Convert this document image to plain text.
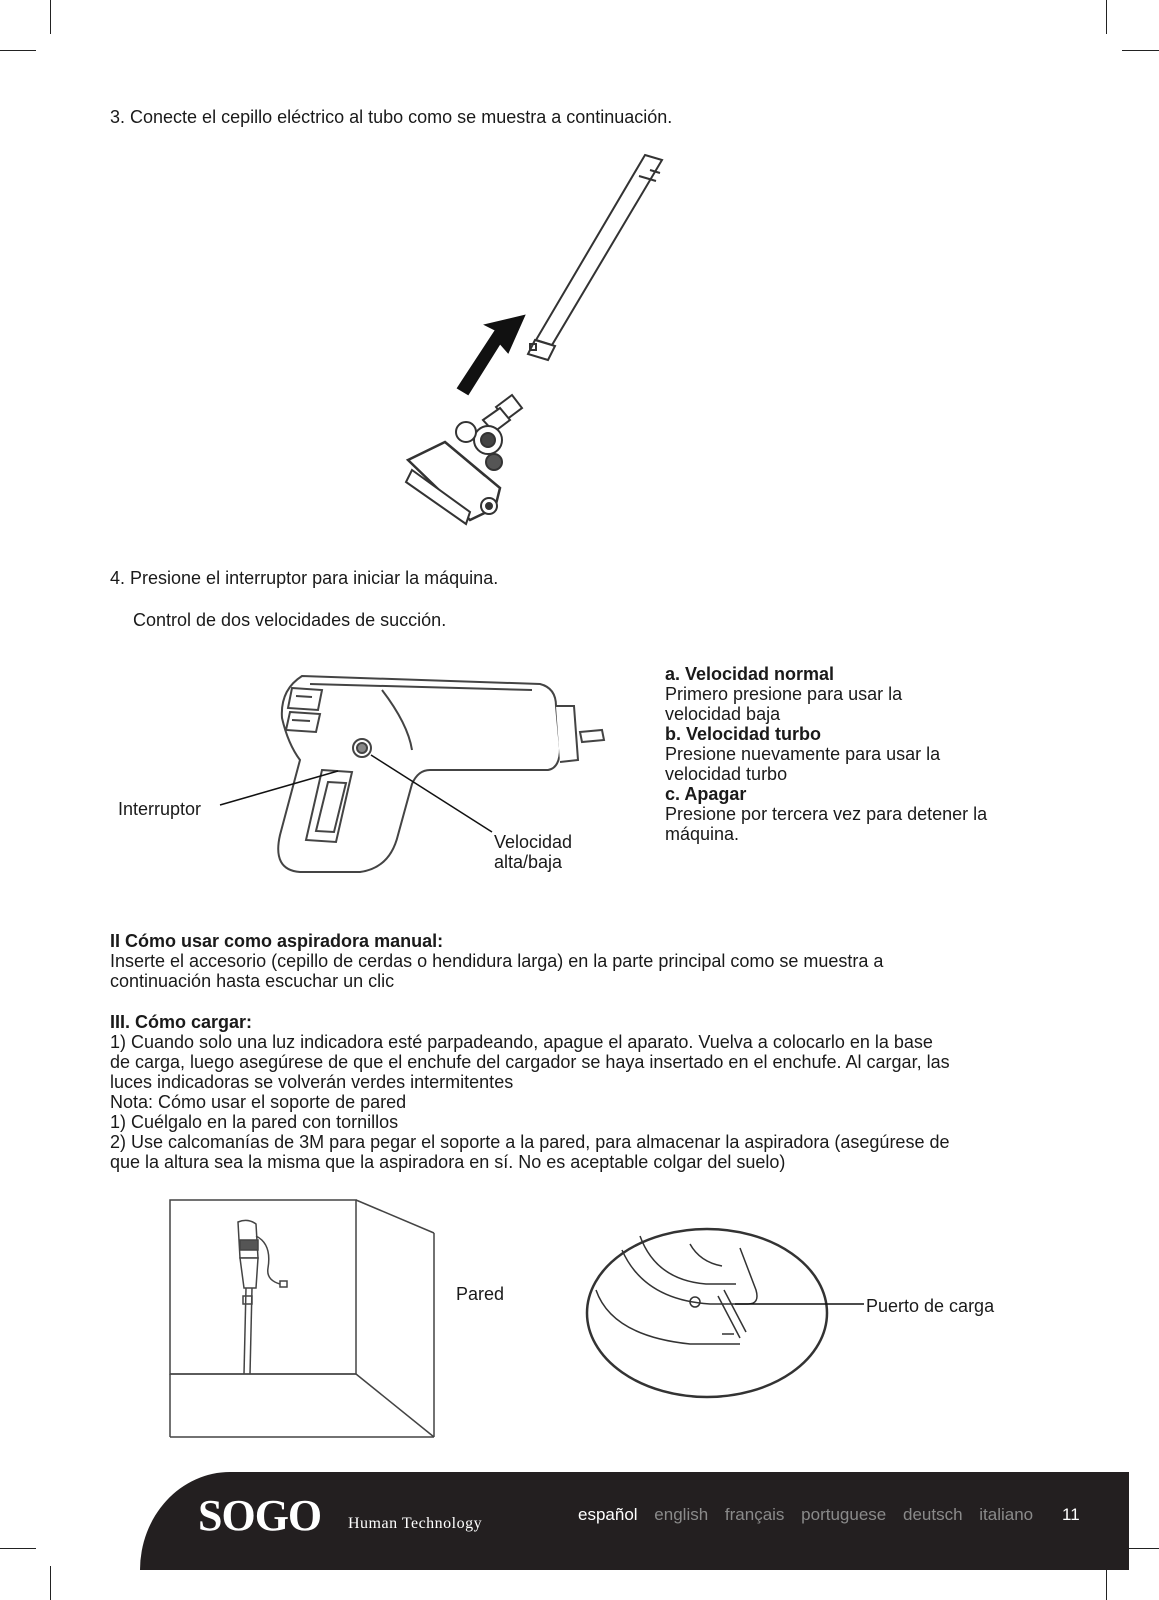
3. Conecte el cepillo eléctrico al tubo como se muestra a continuación.
4. Presione el interruptor para iniciar la máquina.
Control de dos velocidades de succión.
Interruptor
Velocidad
alta/baja
a. Velocidad normal
Primero presione para usar la
velocidad baja
b. Velocidad turbo
Presione nuevamente para usar la
velocidad turbo
c. Apagar
Presione por tercera vez para detener la
máquina.
II Cómo usar como aspiradora manual:
Inserte el accesorio (cepillo de cerdas o hendidura larga) en la parte principal como se muestra a
continuación hasta escuchar un clic
III. Cómo cargar:
1) Cuando solo una luz indicadora esté parpadeando, apague el aparato. Vuelva a colocarlo en la base
de carga, luego asegúrese de que el enchufe del cargador se haya insertado en el enchufe. Al cargar, las
luces indicadoras se volverán verdes intermitentes
Nota: Cómo usar el soporte de pared
1) Cuélgalo en la pared con tornillos
2) Use calcomanías de 3M para pegar el soporte a la pared, para almacenar la aspiradora (asegúrese de
que la altura sea la misma que la aspiradora en sí. No es aceptable colgar del suelo)
Pared
Puerto de carga
SOGO Human Technology	español english français portuguese deutsch italiano	11
